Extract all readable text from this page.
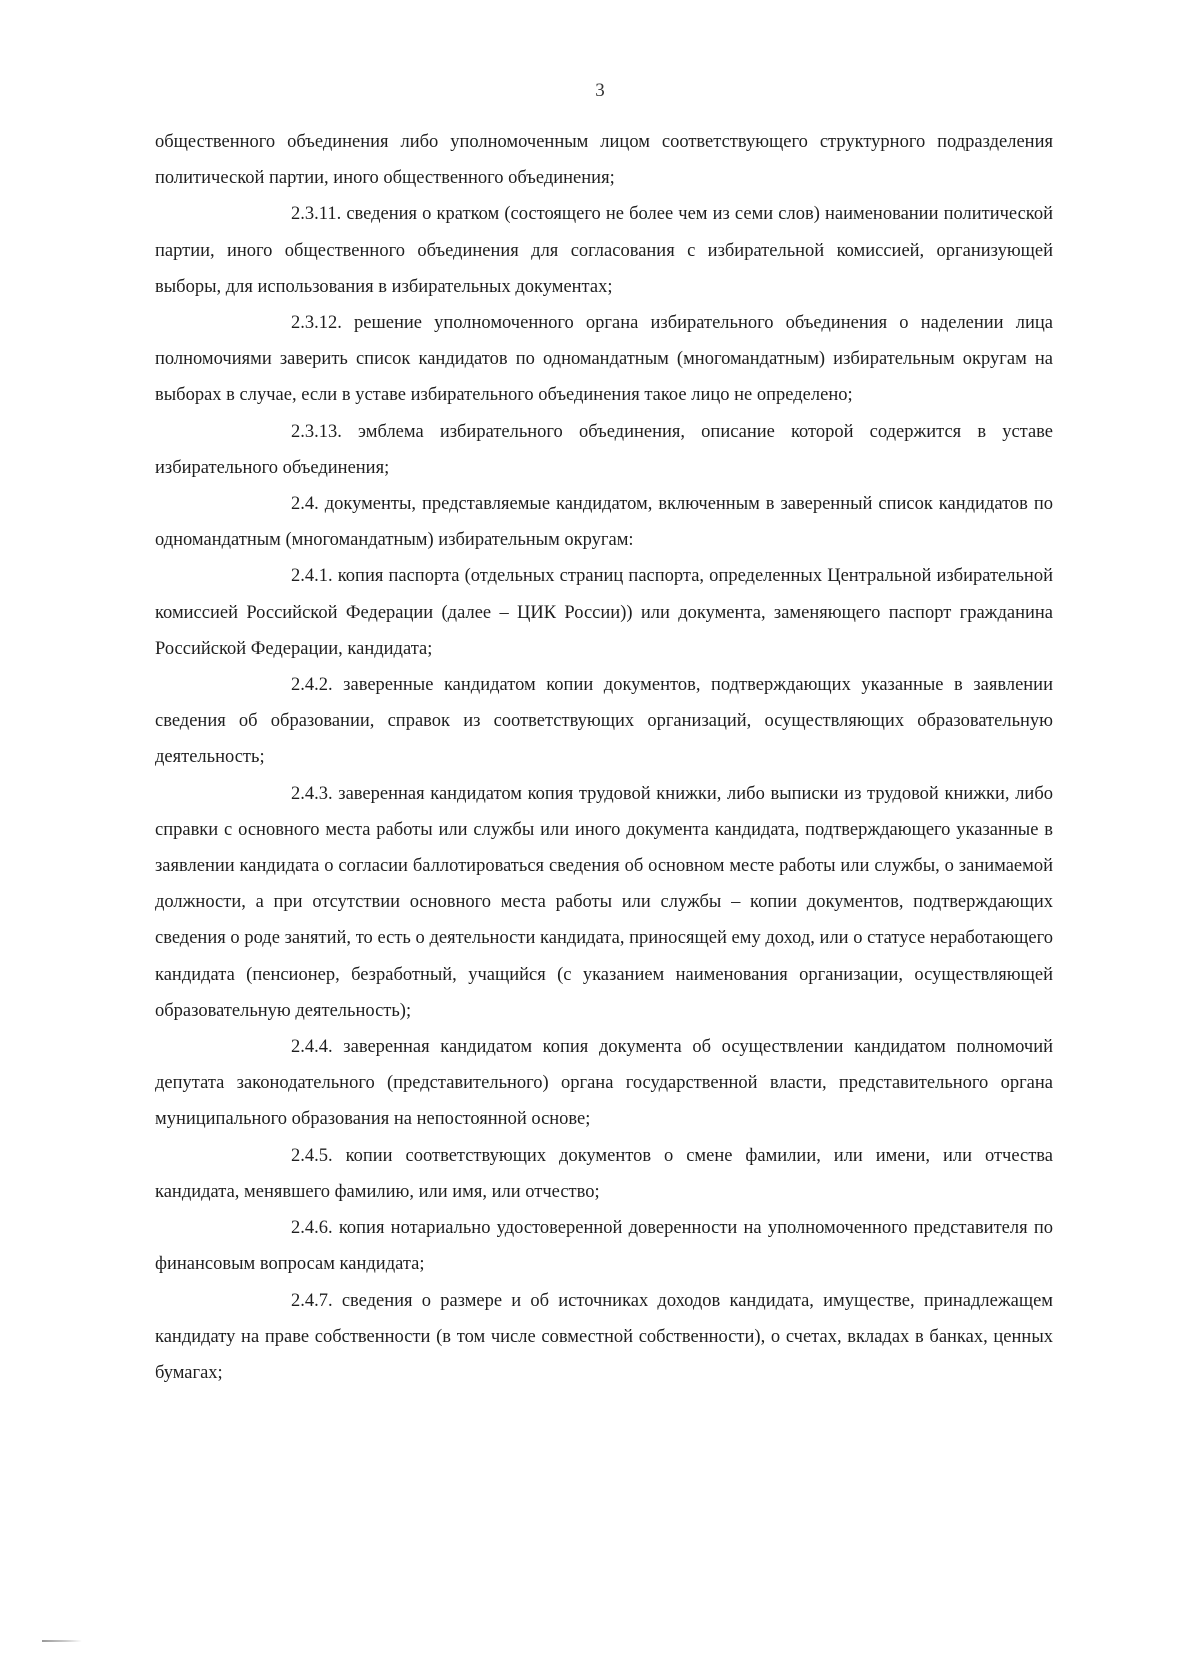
3

общественного объединения либо уполномоченным лицом соответствующего структурного подразделения политической партии, иного общественного объединения;

2.3.11. сведения о кратком (состоящего не более чем из семи слов) наименовании политической партии, иного общественного объединения для согласования с избирательной комиссией, организующей выборы, для использования в избирательных документах;

2.3.12. решение уполномоченного органа избирательного объединения о наделении лица полномочиями заверить список кандидатов по одномандатным (многомандатным) избирательным округам на выборах в случае, если в уставе избирательного объединения такое лицо не определено;

2.3.13. эмблема избирательного объединения, описание которой содержится в уставе избирательного объединения;

2.4. документы, представляемые кандидатом, включенным в заверенный список кандидатов по одномандатным (многомандатным) избирательным округам:

2.4.1. копия паспорта (отдельных страниц паспорта, определенных Центральной избирательной комиссией Российской Федерации (далее – ЦИК России)) или документа, заменяющего паспорт гражданина Российской Федерации, кандидата;

2.4.2. заверенные кандидатом копии документов, подтверждающих указанные в заявлении сведения об образовании, справок из соответствующих организаций, осуществляющих образовательную деятельность;

2.4.3. заверенная кандидатом копия трудовой книжки, либо выписки из трудовой книжки, либо справки с основного места работы или службы или иного документа кандидата, подтверждающего указанные в заявлении кандидата о согласии баллотироваться сведения об основном месте работы или службы, о занимаемой должности, а при отсутствии основного места работы или службы – копии документов, подтверждающих сведения о роде занятий, то есть о деятельности кандидата, приносящей ему доход, или о статусе неработающего кандидата (пенсионер, безработный, учащийся (с указанием наименования организации, осуществляющей образовательную деятельность);

2.4.4. заверенная кандидатом копия документа об осуществлении кандидатом полномочий депутата законодательного (представительного) органа государственной власти, представительного органа муниципального образования на непостоянной основе;

2.4.5. копии соответствующих документов о смене фамилии, или имени, или отчества кандидата, менявшего фамилию, или имя, или отчество;

2.4.6. копия нотариально удостоверенной доверенности на уполномоченного представителя по финансовым вопросам кандидата;

2.4.7. сведения о размере и об источниках доходов кандидата, имуществе, принадлежащем кандидату на праве собственности (в том числе совместной собственности), о счетах, вкладах в банках, ценных бумагах;
